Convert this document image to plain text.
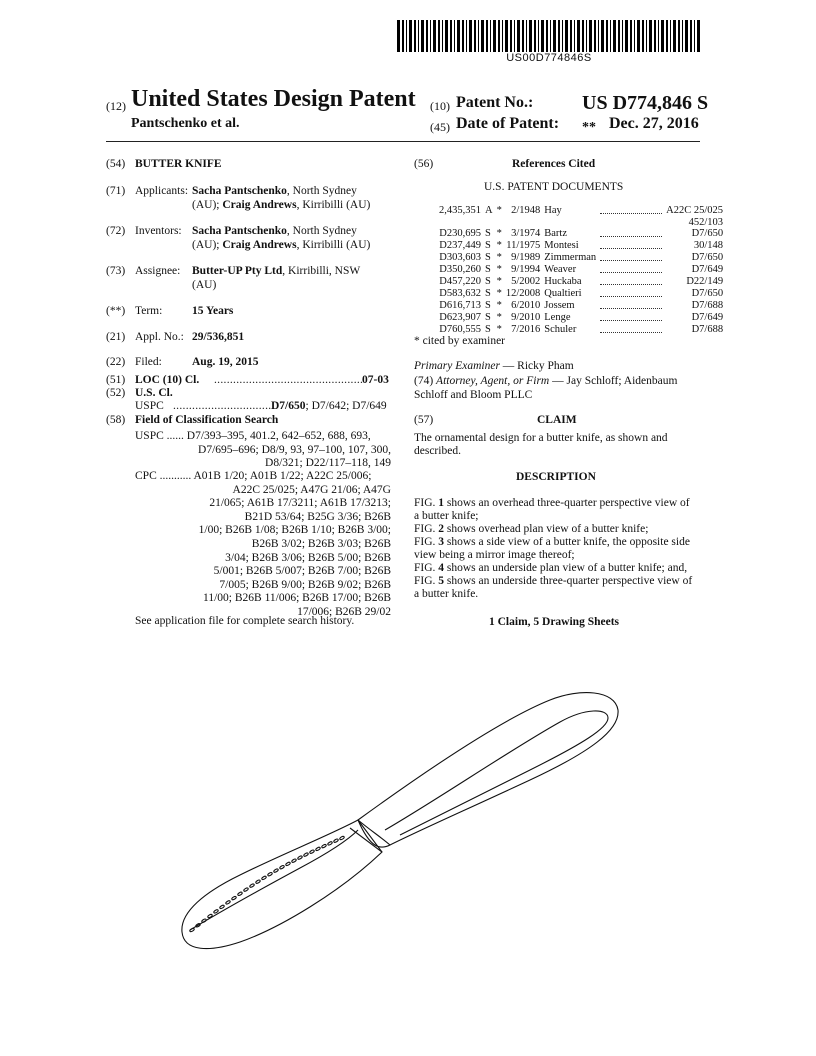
US00D774846S
(12) United States Design Patent (10) Patent No.: US D774,846 S
Pantschenko et al.	(45) Date of Patent: ** Dec. 27, 2016
(54) BUTTER KNIFE
(71) Applicants: Sacha Pantschenko, North Sydney
(AU); Craig Andrews, Kirribilli (AU)
(72) Inventors: Sacha Pantschenko, North Sydney
(AU); Craig Andrews, Kirribilli (AU)
(73) Assignee: Butter-UP Pty Ltd, Kirribilli, NSW
(AU)
(**) Term:	15 Years
(21) Appl. No.: 29/536,851
(22) Filed:	Aug. 19, 2015
(51) LOC (10) Cl. ...............................................
07-03
(52) U.S. Cl.
USPC ............................... D7/650; D7/642; D7/649
(58) Field of Classification Search
USPC ...... D7/393–395, 401.2, 642–652, 688, 693,
D7/695–696; D8/9, 93, 97–100, 107, 300,
D8/321; D22/117–118, 149
CPC ........... A01B 1/20; A01B 1/22; A22C 25/006;
A22C 25/025; A47G 21/06; A47G
21/065; A61B 17/3211; A61B 17/3213;
B21D 53/64; B25G 3/36; B26B
1/00; B26B 1/08; B26B 1/10; B26B 3/00;
B26B 3/02; B26B 3/03; B26B
3/04; B26B 3/06; B26B 5/00; B26B
5/001; B26B 5/007; B26B 7/00; B26B
7/005; B26B 9/00; B26B 9/02; B26B
11/00; B26B 11/006; B26B 17/00; B26B
17/006; B26B 29/02
See application file for complete search history.
(56)	References Cited
U.S. PATENT DOCUMENTS
2,435,351	A	*	2/1948	Hay		A22C 25/025
						452/103
D230,695	S	*	3/1974	Bartz		D7/650
D237,449	S	*	11/1975	Montesi		30/148
D303,603	S	*	9/1989	Zimmerman		D7/650
D350,260	S	*	9/1994	Weaver		D7/649
D457,220	S	*	5/2002	Huckaba		D22/149
D583,632	S	*	12/2008	Qualtieri		D7/650
D616,713	S	*	6/2010	Jossem		D7/688
D623,907	S	*	9/2010	Lenge		D7/649
D760,555	S	*	7/2016	Schuler		D7/688
* cited by examiner
Primary Examiner — Ricky Pham
(74) Attorney, Agent, or Firm — Jay Schloff; Aidenbaum
Schloff and Bloom PLLC
(57)	CLAIM
The ornamental design for a butter knife, as shown and
described.
DESCRIPTION
FIG. 1 shows an overhead three-quarter perspective view of
a butter knife;
FIG. 2 shows overhead plan view of a butter knife;
FIG. 3 shows a side view of a butter knife, the opposite side
view being a mirror image thereof;
FIG. 4 shows an underside plan view of a butter knife; and,
FIG. 5 shows an underside three-quarter perspective view of
a butter knife.
1 Claim, 5 Drawing Sheets
